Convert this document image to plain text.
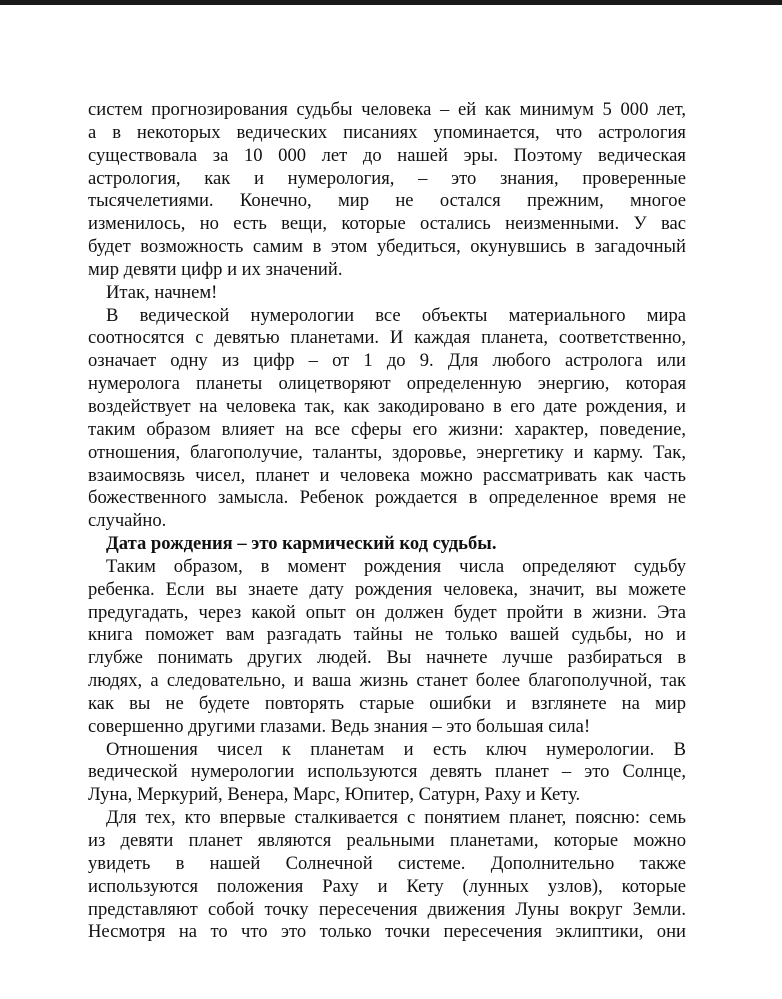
систем прогнозирования судьбы человека – ей как минимум 5 000 лет,
а в некоторых ведических писаниях упоминается, что астрология
существовала за 10 000 лет до нашей эры. Поэтому ведическая
астрология, как и нумерология, – это знания, проверенные
тысячелетиями. Конечно, мир не остался прежним, многое
изменилось, но есть вещи, которые остались неизменными. У вас
будет возможность самим в этом убедиться, окунувшись в загадочный
мир девяти цифр и их значений.
Итак, начнем!
В ведической нумерологии все объекты материального мира
соотносятся с девятью планетами. И каждая планета, соответственно,
означает одну из цифр – от 1 до 9. Для любого астролога или
нумеролога планеты олицетворяют определенную энергию, которая
воздействует на человека так, как закодировано в его дате рождения, и
таким образом влияет на все сферы его жизни: характер, поведение,
отношения, благополучие, таланты, здоровье, энергетику и карму. Так,
взаимосвязь чисел, планет и человека можно рассматривать как часть
божественного замысла. Ребенок рождается в определенное время не
случайно.
Дата рождения – это кармический код судьбы.
Таким образом, в момент рождения числа определяют судьбу
ребенка. Если вы знаете дату рождения человека, значит, вы можете
предугадать, через какой опыт он должен будет пройти в жизни. Эта
книга поможет вам разгадать тайны не только вашей судьбы, но и
глубже понимать других людей. Вы начнете лучше разбираться в
людях, а следовательно, и ваша жизнь станет более благополучной, так
как вы не будете повторять старые ошибки и взглянете на мир
совершенно другими глазами. Ведь знания – это большая сила!
Отношения чисел к планетам и есть ключ нумерологии. В
ведической нумерологии используются девять планет – это Солнце,
Луна, Меркурий, Венера, Марс, Юпитер, Сатурн, Раху и Кету.
Для тех, кто впервые сталкивается с понятием планет, поясню: семь
из девяти планет являются реальными планетами, которые можно
увидеть в нашей Солнечной системе. Дополнительно также
используются положения Раху и Кету (лунных узлов), которые
представляют собой точку пересечения движения Луны вокруг Земли.
Несмотря на то что это только точки пересечения эклиптики, они
